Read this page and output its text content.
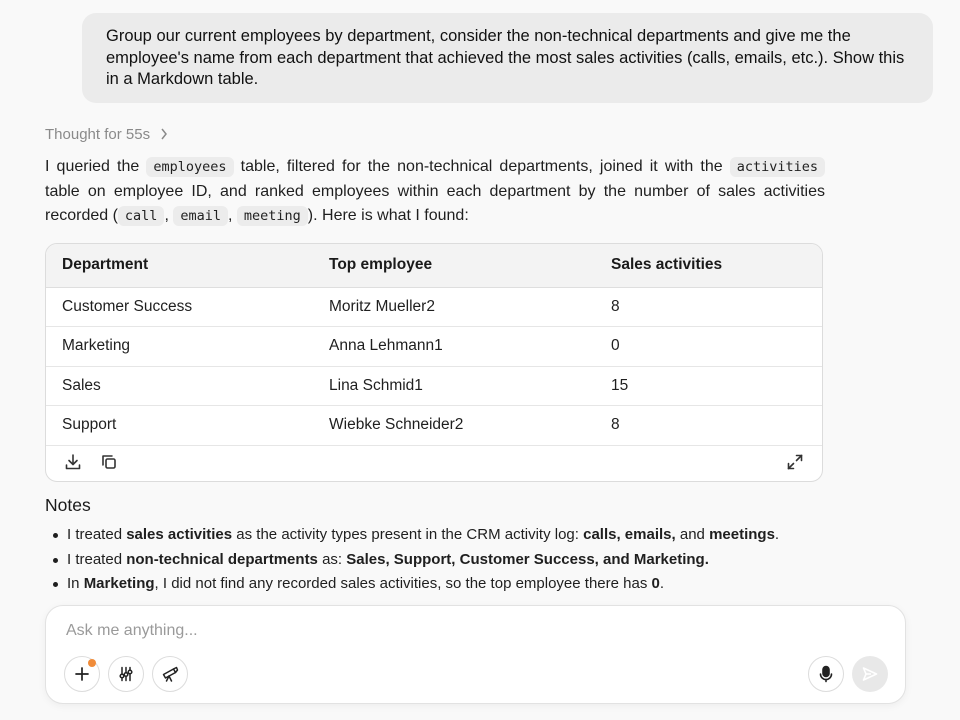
Group our current employees by department, consider the non-technical departments and give me the employee's name from each department that achieved the most sales activities (calls, emails, etc.). Show this in a Markdown table.
Thought for 55s
I queried the employees table, filtered for the non-technical departments, joined it with the activities table on employee ID, and ranked employees within each department by the number of sales activities recorded ( call , email , meeting ). Here is what I found:
Department	Top employee	Sales activities
Customer Success	Moritz Mueller2	8
Marketing	Anna Lehmann1	0
Sales	Lina Schmid1	15
Support	Wiebke Schneider2	8
Notes
I treated sales activities as the activity types present in the CRM activity log: calls, emails, and meetings.
I treated non-technical departments as: Sales, Support, Customer Success, and Marketing.
In Marketing, I did not find any recorded sales activities, so the top employee there has 0.
Ask me anything...
